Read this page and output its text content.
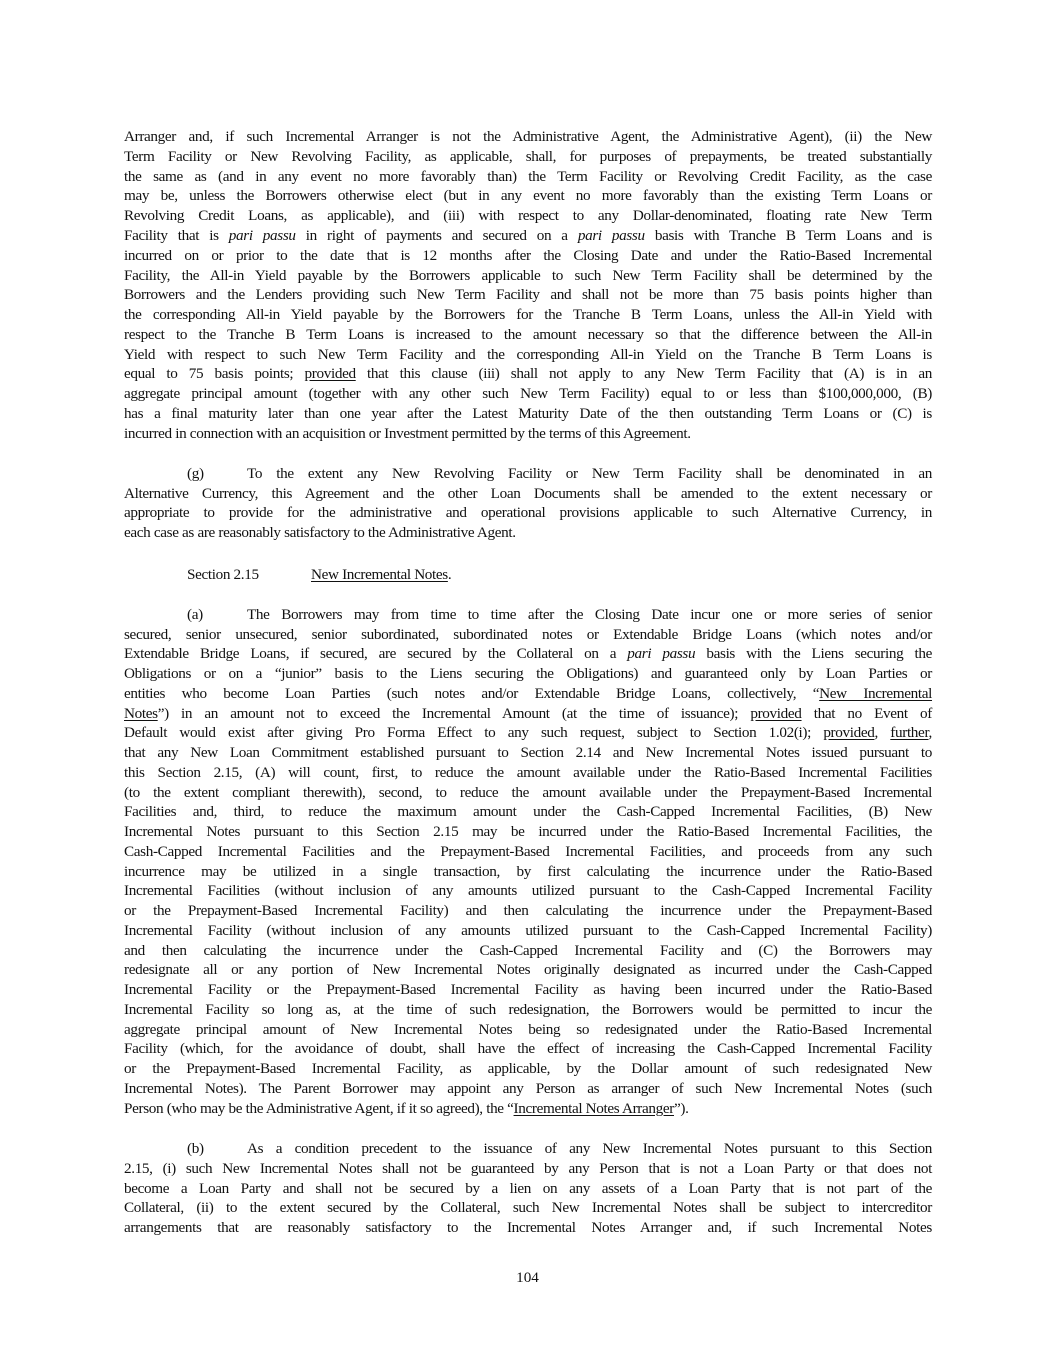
Arranger and, if such Incremental Arranger is not the Administrative Agent, the Administrative Agent), (ii) the New
Term Facility or New Revolving Facility, as applicable, shall, for purposes of prepayments, be treated substantially
the same as (and in any event no more favorably than) the Term Facility or Revolving Credit Facility, as the case
may be, unless the Borrowers otherwise elect (but in any event no more favorably than the existing Term Loans or
Revolving Credit Loans, as applicable), and (iii) with respect to any Dollar-denominated, floating rate New Term
Facility that is pari passu in right of payments and secured on a pari passu basis with Tranche B Term Loans and is
incurred on or prior to the date that is 12 months after the Closing Date and under the Ratio-Based Incremental
Facility, the All-in Yield payable by the Borrowers applicable to such New Term Facility shall be determined by the
Borrowers and the Lenders providing such New Term Facility and shall not be more than 75 basis points higher than
the corresponding All-in Yield payable by the Borrowers for the Tranche B Term Loans, unless the All-in Yield with
respect to the Tranche B Term Loans is increased to the amount necessary so that the difference between the All-in
Yield with respect to such New Term Facility and the corresponding All-in Yield on the Tranche B Term Loans is
equal to 75 basis points; provided that this clause (iii) shall not apply to any New Term Facility that (A) is in an
aggregate principal amount (together with any other such New Term Facility) equal to or less than $100,000,000, (B)
has a final maturity later than one year after the Latest Maturity Date of the then outstanding Term Loans or (C) is
incurred in connection with an acquisition or Investment permitted by the terms of this Agreement.
(g)	To the extent any New Revolving Facility or New Term Facility shall be denominated in an
Alternative Currency, this Agreement and the other Loan Documents shall be amended to the extent necessary or
appropriate to provide for the administrative and operational provisions applicable to such Alternative Currency, in
each case as are reasonably satisfactory to the Administrative Agent.
Section 2.15	New Incremental Notes.
(a)	The Borrowers may from time to time after the Closing Date incur one or more series of senior
secured, senior unsecured, senior subordinated, subordinated notes or Extendable Bridge Loans (which notes and/or
Extendable Bridge Loans, if secured, are secured by the Collateral on a pari passu basis with the Liens securing the
Obligations or on a “junior” basis to the Liens securing the Obligations) and guaranteed only by Loan Parties or
entities who become Loan Parties (such notes and/or Extendable Bridge Loans, collectively, “New Incremental
Notes”) in an amount not to exceed the Incremental Amount (at the time of issuance); provided that no Event of
Default would exist after giving Pro Forma Effect to any such request, subject to Section 1.02(i); provided, further,
that any New Loan Commitment established pursuant to Section 2.14 and New Incremental Notes issued pursuant to
this Section 2.15, (A) will count, first, to reduce the amount available under the Ratio-Based Incremental Facilities
(to the extent compliant therewith), second, to reduce the amount available under the Prepayment-Based Incremental
Facilities and, third, to reduce the maximum amount under the Cash-Capped Incremental Facilities, (B) New
Incremental Notes pursuant to this Section 2.15 may be incurred under the Ratio-Based Incremental Facilities, the
Cash-Capped Incremental Facilities and the Prepayment-Based Incremental Facilities, and proceeds from any such
incurrence may be utilized in a single transaction, by first calculating the incurrence under the Ratio-Based
Incremental Facilities (without inclusion of any amounts utilized pursuant to the Cash-Capped Incremental Facility
or the Prepayment-Based Incremental Facility) and then calculating the incurrence under the Prepayment-Based
Incremental Facility (without inclusion of any amounts utilized pursuant to the Cash-Capped Incremental Facility)
and then calculating the incurrence under the Cash-Capped Incremental Facility and (C) the Borrowers may
redesignate all or any portion of New Incremental Notes originally designated as incurred under the Cash-Capped
Incremental Facility or the Prepayment-Based Incremental Facility as having been incurred under the Ratio-Based
Incremental Facility so long as, at the time of such redesignation, the Borrowers would be permitted to incur the
aggregate principal amount of New Incremental Notes being so redesignated under the Ratio-Based Incremental
Facility (which, for the avoidance of doubt, shall have the effect of increasing the Cash-Capped Incremental Facility
or the Prepayment-Based Incremental Facility, as applicable, by the Dollar amount of such redesignated New
Incremental Notes). The Parent Borrower may appoint any Person as arranger of such New Incremental Notes (such
Person (who may be the Administrative Agent, if it so agreed), the “Incremental Notes Arranger”).
(b)	As a condition precedent to the issuance of any New Incremental Notes pursuant to this Section
2.15, (i) such New Incremental Notes shall not be guaranteed by any Person that is not a Loan Party or that does not
become a Loan Party and shall not be secured by a lien on any assets of a Loan Party that is not part of the
Collateral, (ii) to the extent secured by the Collateral, such New Incremental Notes shall be subject to intercreditor
arrangements that are reasonably satisfactory to the Incremental Notes Arranger and, if such Incremental Notes
104
